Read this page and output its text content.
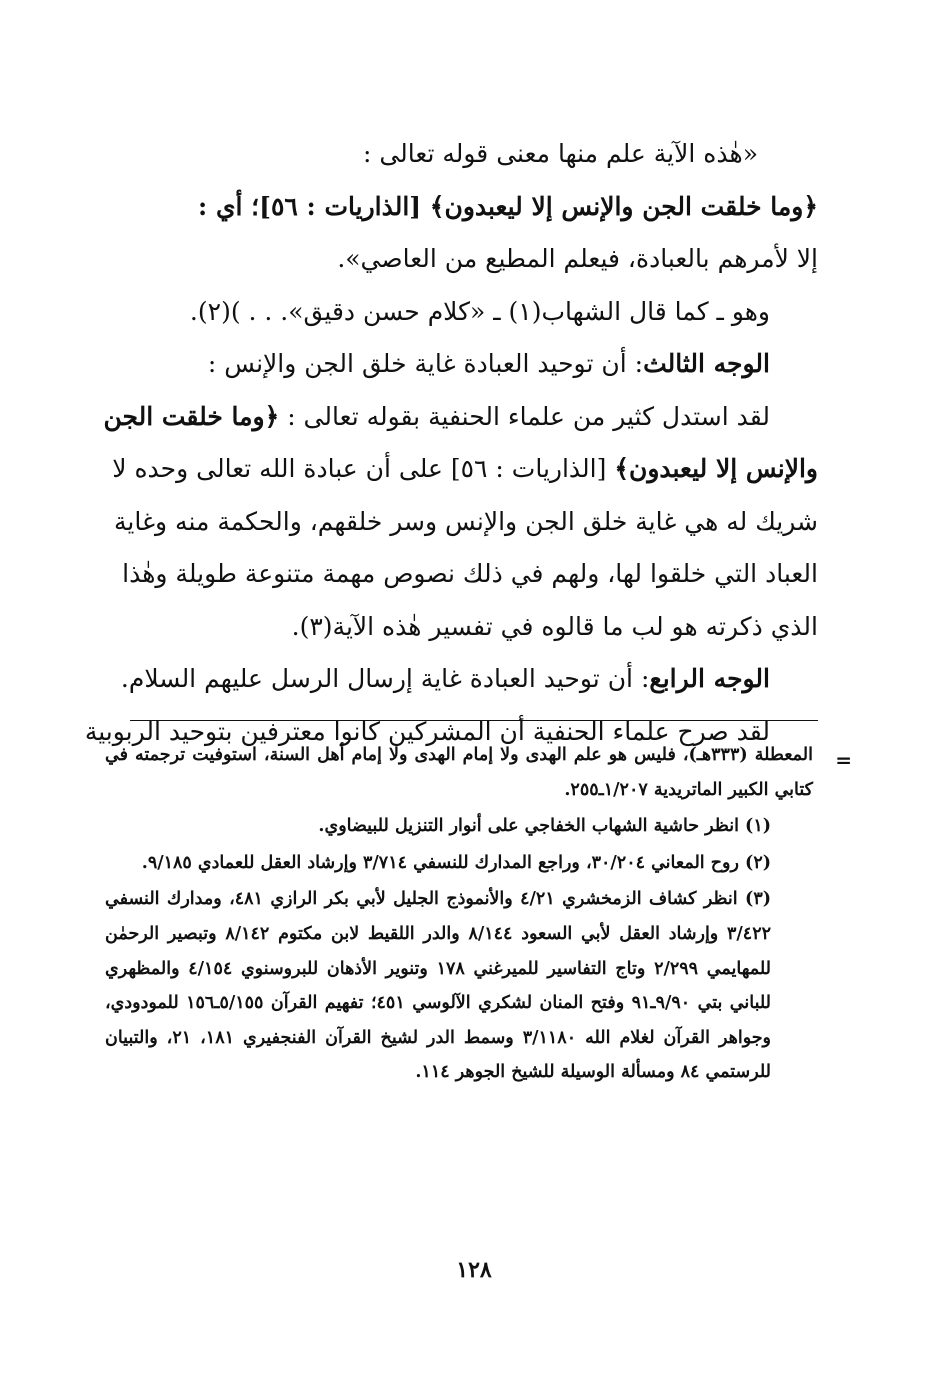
«هٰذه الآية علم منها معنى قوله تعالى :

﴿وما خلقت الجن والإنس إلا ليعبدون﴾ [الذاريات : ٥٦]؛ أي :

إلا لأمرهم بالعبادة، فيعلم المطيع من العاصي».

وهو ـ كما قال الشهاب(١) ـ «كلام حسن دقيق». . . )(٢).

الوجه الثالث: أن توحيد العبادة غاية خلق الجن والإنس :

لقد استدل كثير من علماء الحنفية بقوله تعالى : ﴿وما خلقت الجن

والإنس إلا ليعبدون﴾ [الذاريات : ٥٦] على أن عبادة الله تعالى وحده لا

شريك له هي غاية خلق الجن والإنس وسر خلقهم، والحكمة منه وغاية

العباد التي خلقوا لها، ولهم في ذلك نصوص مهمة متنوعة طويلة وهٰذا

الذي ذكرته هو لب ما قالوه في تفسير هٰذه الآية(٣).

الوجه الرابع: أن توحيد العبادة غاية إرسال الرسل عليهم السلام.

لقد صرح علماء الحنفية أن المشركين كانوا معترفين بتوحيد الربوبية

=

المعطلة (٣٣٣هـ)، فليس هو علم الهدى ولا إمام الهدى ولا إمام أهل السنة، استوفيت ترجمته في كتابي الكبير الماتريدية ١/٢٠٧ـ٢٥٥.

(١) انظر حاشية الشهاب الخفاجي على أنوار التنزيل للبيضاوي.

(٢) روح المعاني ٣٠/٢٠٤، وراجع المدارك للنسفي ٣/٧١٤ وإرشاد العقل للعمادي ٩/١٨٥.

(٣) انظر كشاف الزمخشري ٤/٢١ والأنموذج الجليل لأبي بكر الرازي ٤٨١، ومدارك النسفي ٣/٤٢٢ وإرشاد العقل لأبي السعود ٨/١٤٤ والدر اللقيط لابن مكتوم ٨/١٤٢ وتبصير الرحمٰن للمهايمي ٢/٢٩٩ وتاج التفاسير للميرغني ١٧٨ وتنوير الأذهان للبروسنوي ٤/١٥٤ والمظهري للباني بتي ٩/٩٠ـ٩١ وفتح المنان لشكري الآلوسي ٤٥١؛ تفهيم القرآن ٥/١٥٥ـ١٥٦ للمودودي، وجواهر القرآن لغلام الله ٣/١١٨٠ وسمط الدر لشيخ القرآن الفنجفيري ١٨١، ٢١، والتبيان للرستمي ٨٤ ومسألة الوسيلة للشيخ الجوهر ١١٤.

١٢٨
